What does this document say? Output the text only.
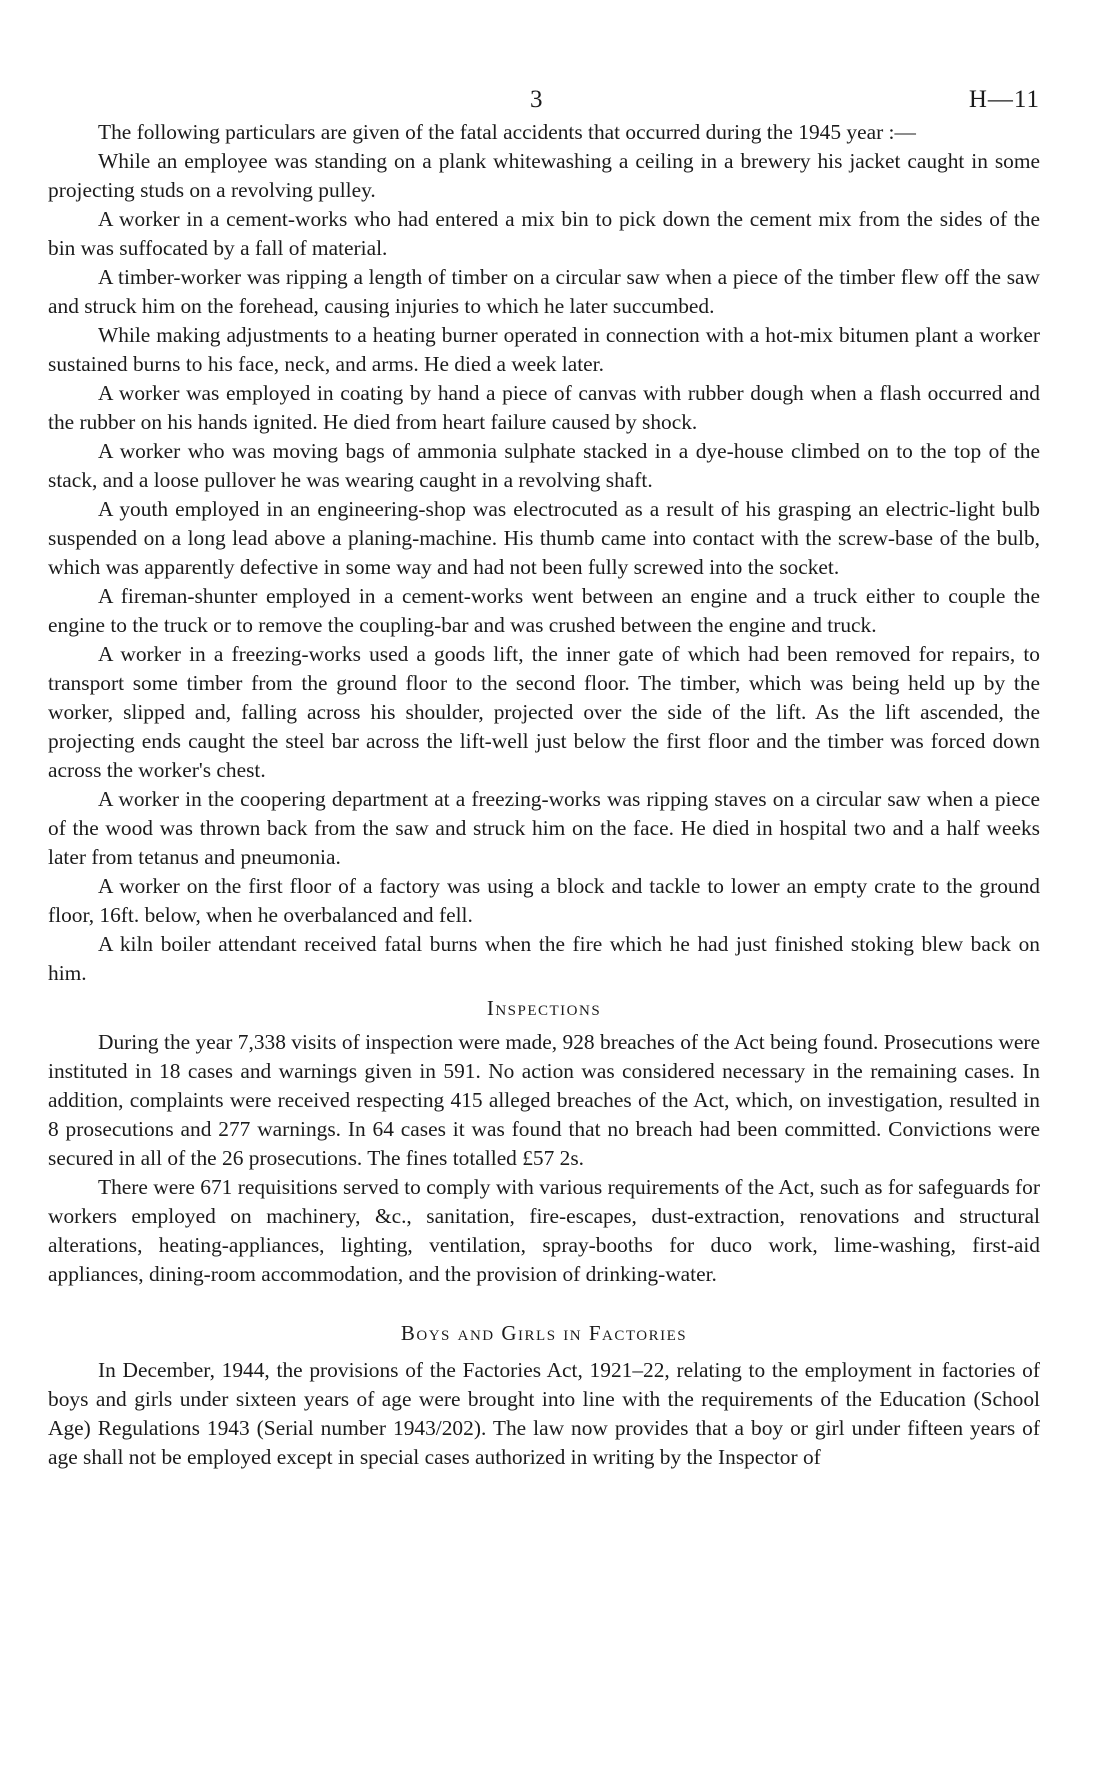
3	H—11

The following particulars are given of the fatal accidents that occurred during the 1945 year :—

While an employee was standing on a plank whitewashing a ceiling in a brewery his jacket caught in some projecting studs on a revolving pulley.

A worker in a cement-works who had entered a mix bin to pick down the cement mix from the sides of the bin was suffocated by a fall of material.

A timber-worker was ripping a length of timber on a circular saw when a piece of the timber flew off the saw and struck him on the forehead, causing injuries to which he later succumbed.

While making adjustments to a heating burner operated in connection with a hot-mix bitumen plant a worker sustained burns to his face, neck, and arms. He died a week later.

A worker was employed in coating by hand a piece of canvas with rubber dough when a flash occurred and the rubber on his hands ignited. He died from heart failure caused by shock.

A worker who was moving bags of ammonia sulphate stacked in a dye-house climbed on to the top of the stack, and a loose pullover he was wearing caught in a revolving shaft.

A youth employed in an engineering-shop was electrocuted as a result of his grasping an electric-light bulb suspended on a long lead above a planing-machine. His thumb came into contact with the screw-base of the bulb, which was apparently defective in some way and had not been fully screwed into the socket.

A fireman-shunter employed in a cement-works went between an engine and a truck either to couple the engine to the truck or to remove the coupling-bar and was crushed between the engine and truck.

A worker in a freezing-works used a goods lift, the inner gate of which had been removed for repairs, to transport some timber from the ground floor to the second floor. The timber, which was being held up by the worker, slipped and, falling across his shoulder, projected over the side of the lift. As the lift ascended, the projecting ends caught the steel bar across the lift-well just below the first floor and the timber was forced down across the worker's chest.

A worker in the coopering department at a freezing-works was ripping staves on a circular saw when a piece of the wood was thrown back from the saw and struck him on the face. He died in hospital two and a half weeks later from tetanus and pneumonia.

A worker on the first floor of a factory was using a block and tackle to lower an empty crate to the ground floor, 16ft. below, when he overbalanced and fell.

A kiln boiler attendant received fatal burns when the fire which he had just finished stoking blew back on him.

Inspections

During the year 7,338 visits of inspection were made, 928 breaches of the Act being found. Prosecutions were instituted in 18 cases and warnings given in 591. No action was considered necessary in the remaining cases. In addition, complaints were received respecting 415 alleged breaches of the Act, which, on investigation, resulted in 8 prosecutions and 277 warnings. In 64 cases it was found that no breach had been committed. Convictions were secured in all of the 26 prosecutions. The fines totalled £57 2s.

There were 671 requisitions served to comply with various requirements of the Act, such as for safeguards for workers employed on machinery, &c., sanitation, fire-escapes, dust-extraction, renovations and structural alterations, heating-appliances, lighting, ventilation, spray-booths for duco work, lime-washing, first-aid appliances, dining-room accommodation, and the provision of drinking-water.

Boys and Girls in Factories

In December, 1944, the provisions of the Factories Act, 1921–22, relating to the employment in factories of boys and girls under sixteen years of age were brought into line with the requirements of the Education (School Age) Regulations 1943 (Serial number 1943/202). The law now provides that a boy or girl under fifteen years of age shall not be employed except in special cases authorized in writing by the Inspector of
